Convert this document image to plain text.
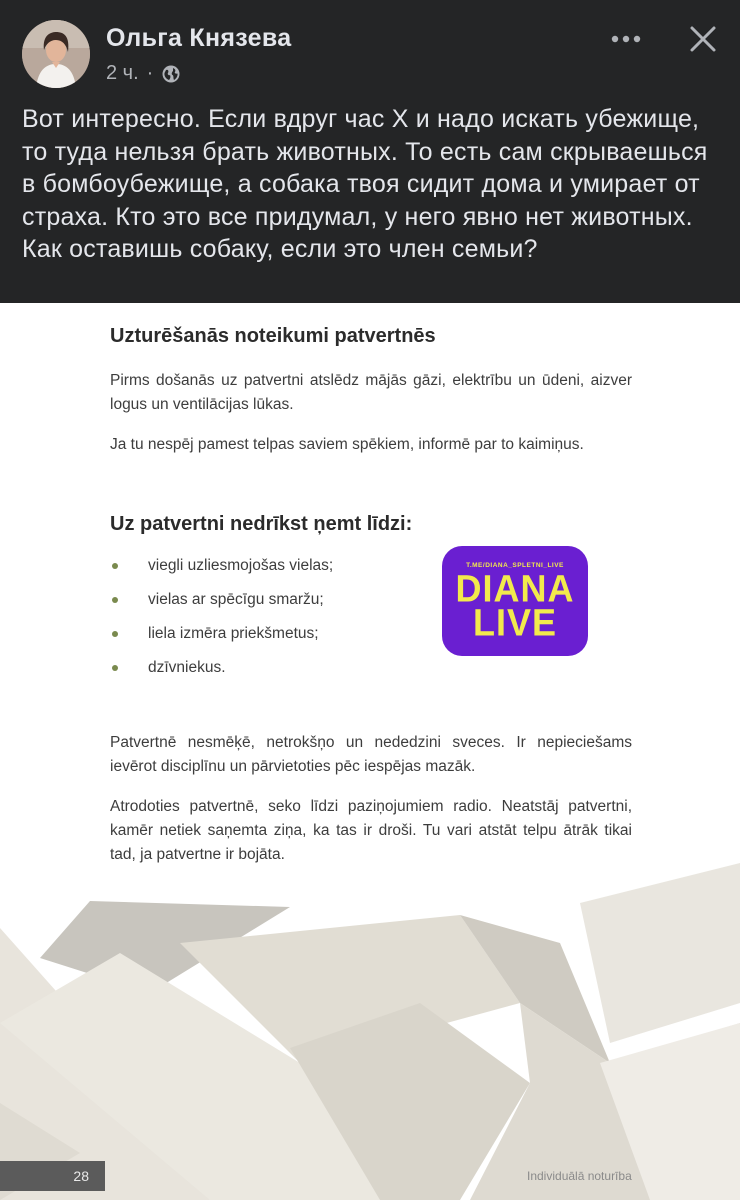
Ольга Князева
2 ч. ·
Вот интересно. Если вдруг час Х и надо искать убежище, то туда нельзя брать животных. То есть сам скрываешься в бомбоубежище, а собака твоя сидит дома и умирает от страха. Кто это все придумал, у него явно нет животных. Как оставишь собаку, если это член семьи?
Uzturēšanās noteikumi patvertnēs

Pirms došanās uz patvertni atslēdz mājās gāzi, elektrību un ūdeni, aizver logus un ventilācijas lūkas.

Ja tu nespēj pamest telpas saviem spēkiem, informē par to kaimiņus.

Uz patvertni nedrīkst ņemt līdzi:
viegli uzliesmojošas vielas;
vielas ar spēcīgu smaržu;
liela izmēra priekšmetus;
dzīvniekus.
T.ME/DIANA_SPLETNI_LIVE
DIANA
LIVE

Patvertnē nesmēķē, netrokšņo un nededzini sveces. Ir nepieciešams ievērot disciplīnu un pārvietoties pēc iespējas mazāk.

Atrodoties patvertnē, seko līdzi paziņojumiem radio. Neatstāj patvertni, kamēr netiek saņemta ziņa, ka tas ir droši. Tu vari atstāt telpu ātrāk tikai tad, ja patvertne ir bojāta.

28	Individuālā noturība
